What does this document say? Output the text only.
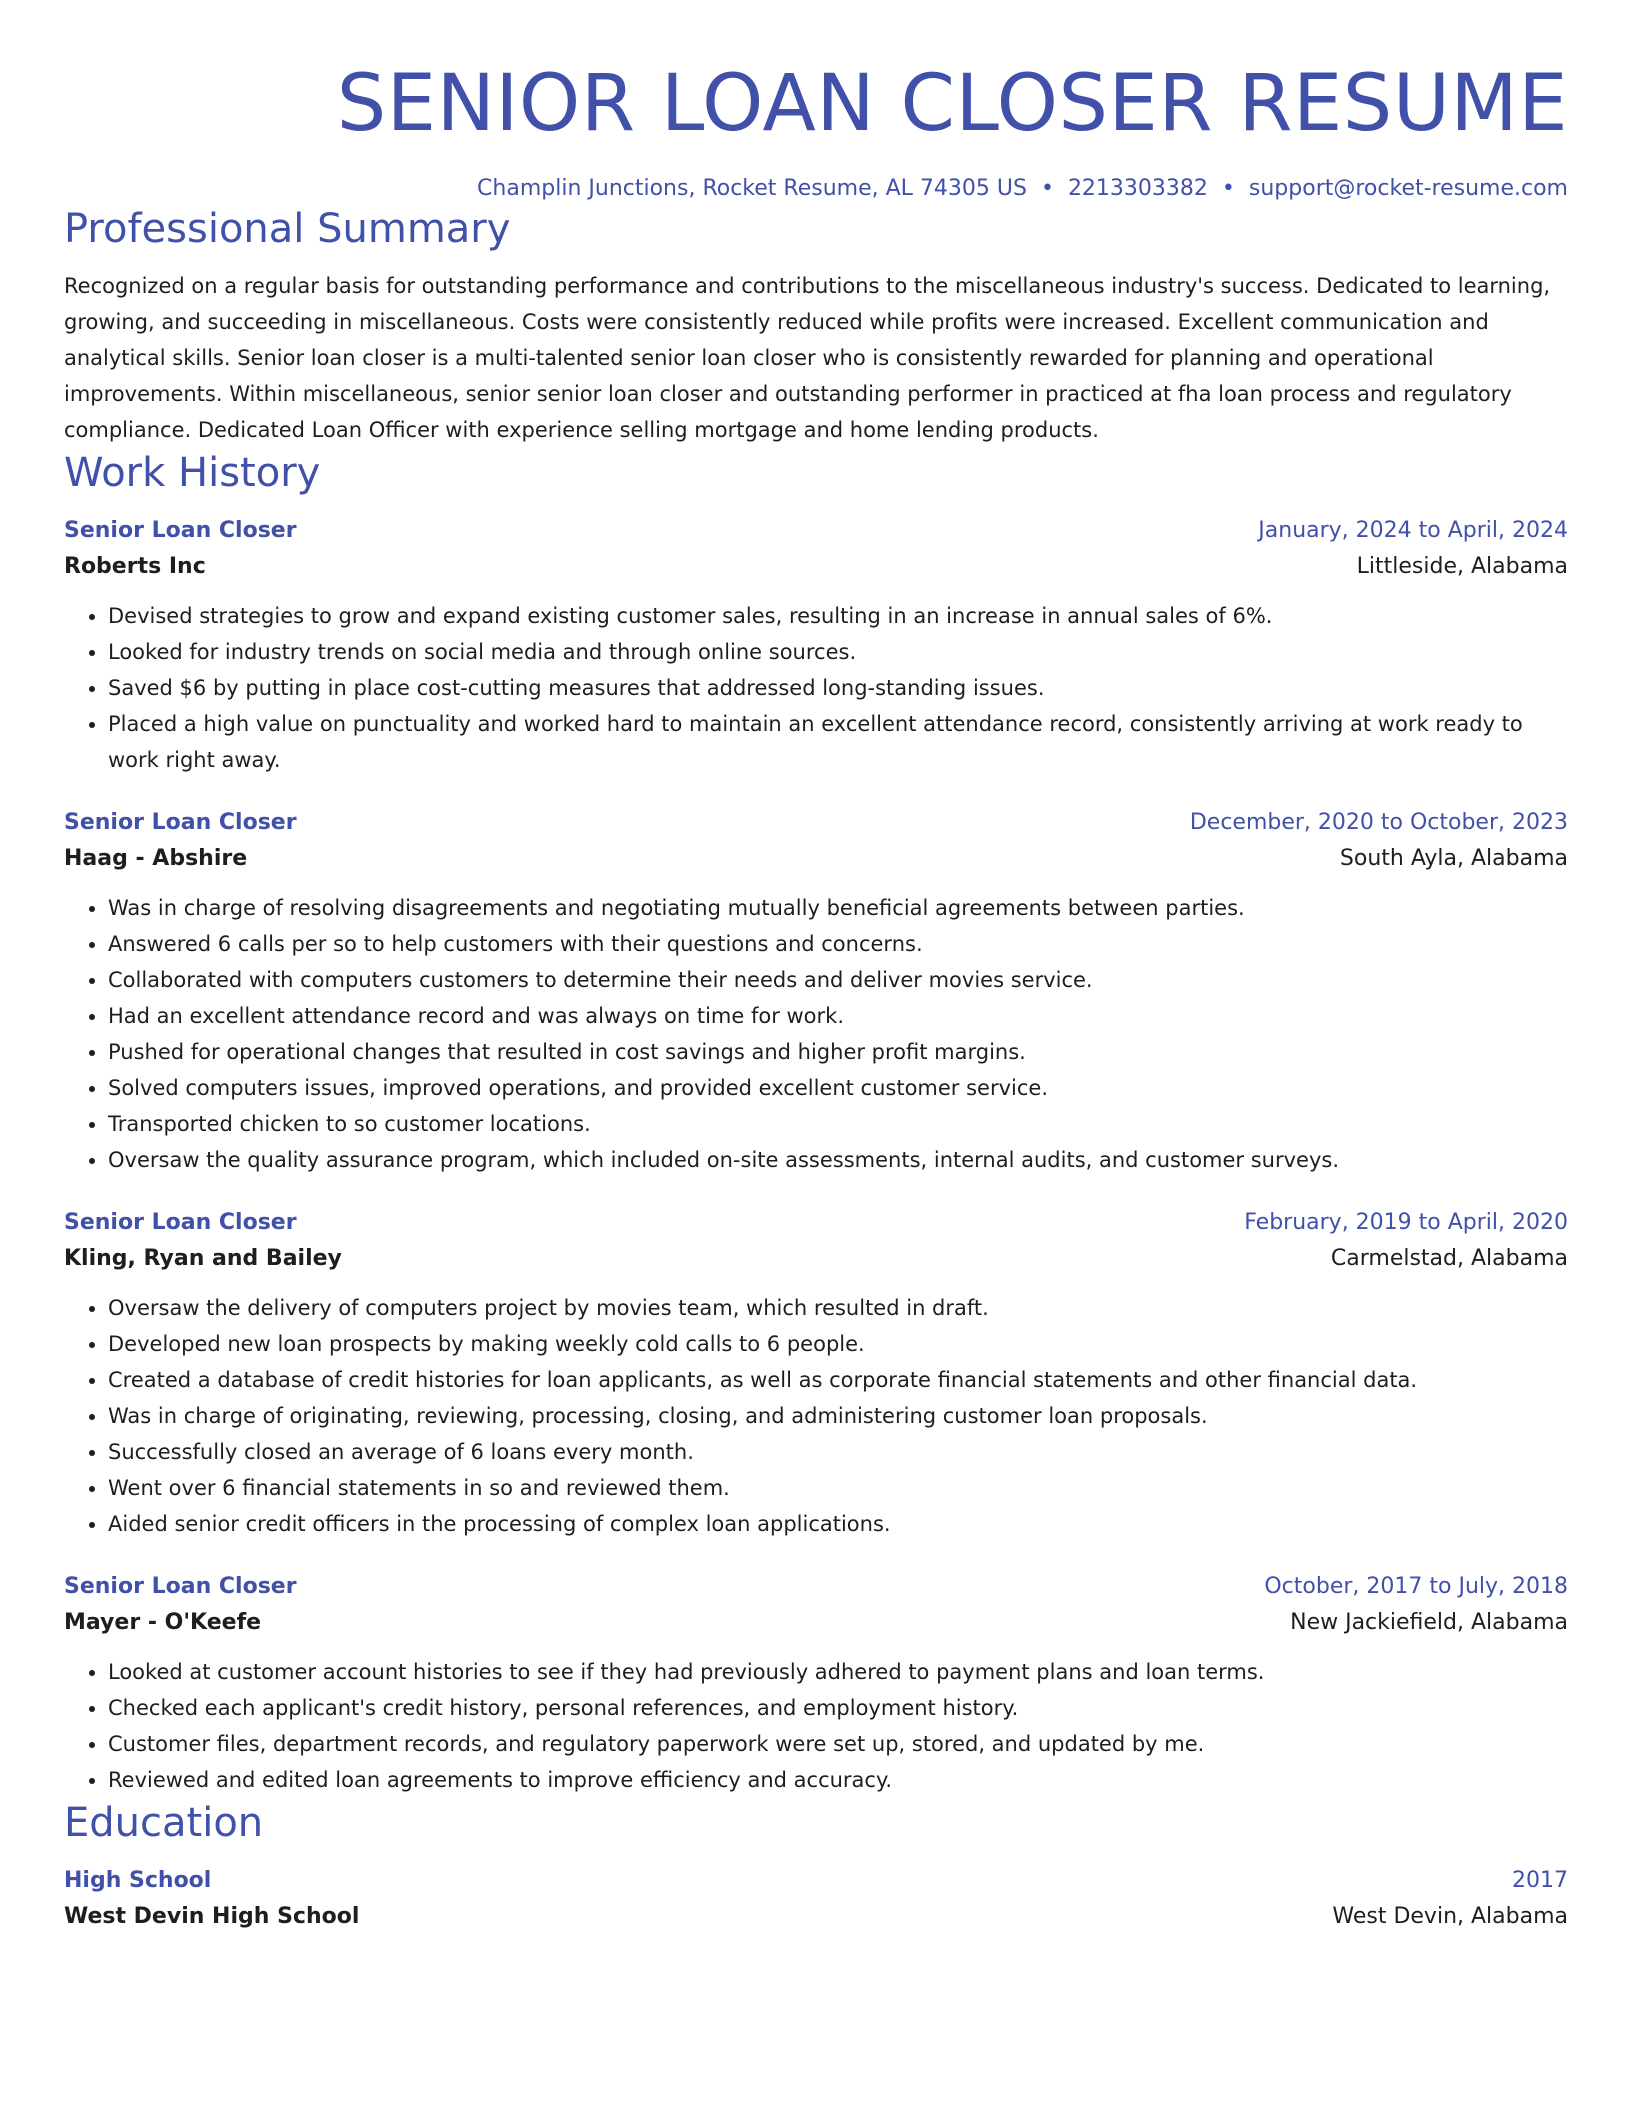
SENIOR LOAN CLOSER RESUME
Champlin Junctions, Rocket Resume, AL 74305 US • 2213303382 • support@rocket-resume.com
Professional Summary

Recognized on a regular basis for outstanding performance and contributions to the miscellaneous industry's success. Dedicated to learning, growing, and succeeding in miscellaneous. Costs were consistently reduced while profits were increased. Excellent communication and analytical skills. Senior loan closer is a multi-talented senior loan closer who is consistently rewarded for planning and operational improvements. Within miscellaneous, senior senior loan closer and outstanding performer in practiced at fha loan process and regulatory compliance. Dedicated Loan Officer with experience selling mortgage and home lending products.

Work History
Senior Loan Closer	January, 2024 to April, 2024
Roberts Inc	Littleside, Alabama
• Devised strategies to grow and expand existing customer sales, resulting in an increase in annual sales of 6%.
• Looked for industry trends on social media and through online sources.
• Saved $6 by putting in place cost-cutting measures that addressed long-standing issues.
• Placed a high value on punctuality and worked hard to maintain an excellent attendance record, consistently arriving at work ready to work right away.
Senior Loan Closer	December, 2020 to October, 2023
Haag - Abshire	South Ayla, Alabama
• Was in charge of resolving disagreements and negotiating mutually beneficial agreements between parties.
• Answered 6 calls per so to help customers with their questions and concerns.
• Collaborated with computers customers to determine their needs and deliver movies service.
• Had an excellent attendance record and was always on time for work.
• Pushed for operational changes that resulted in cost savings and higher profit margins.
• Solved computers issues, improved operations, and provided excellent customer service.
• Transported chicken to so customer locations.
• Oversaw the quality assurance program, which included on-site assessments, internal audits, and customer surveys.
Senior Loan Closer	February, 2019 to April, 2020
Kling, Ryan and Bailey	Carmelstad, Alabama
• Oversaw the delivery of computers project by movies team, which resulted in draft.
• Developed new loan prospects by making weekly cold calls to 6 people.
• Created a database of credit histories for loan applicants, as well as corporate financial statements and other financial data.
• Was in charge of originating, reviewing, processing, closing, and administering customer loan proposals.
• Successfully closed an average of 6 loans every month.
• Went over 6 financial statements in so and reviewed them.
• Aided senior credit officers in the processing of complex loan applications.
Senior Loan Closer	October, 2017 to July, 2018
Mayer - O'Keefe	New Jackiefield, Alabama
• Looked at customer account histories to see if they had previously adhered to payment plans and loan terms.
• Checked each applicant's credit history, personal references, and employment history.
• Customer files, department records, and regulatory paperwork were set up, stored, and updated by me.
• Reviewed and edited loan agreements to improve efficiency and accuracy.
Education
High School	2017
West Devin High School	West Devin, Alabama
